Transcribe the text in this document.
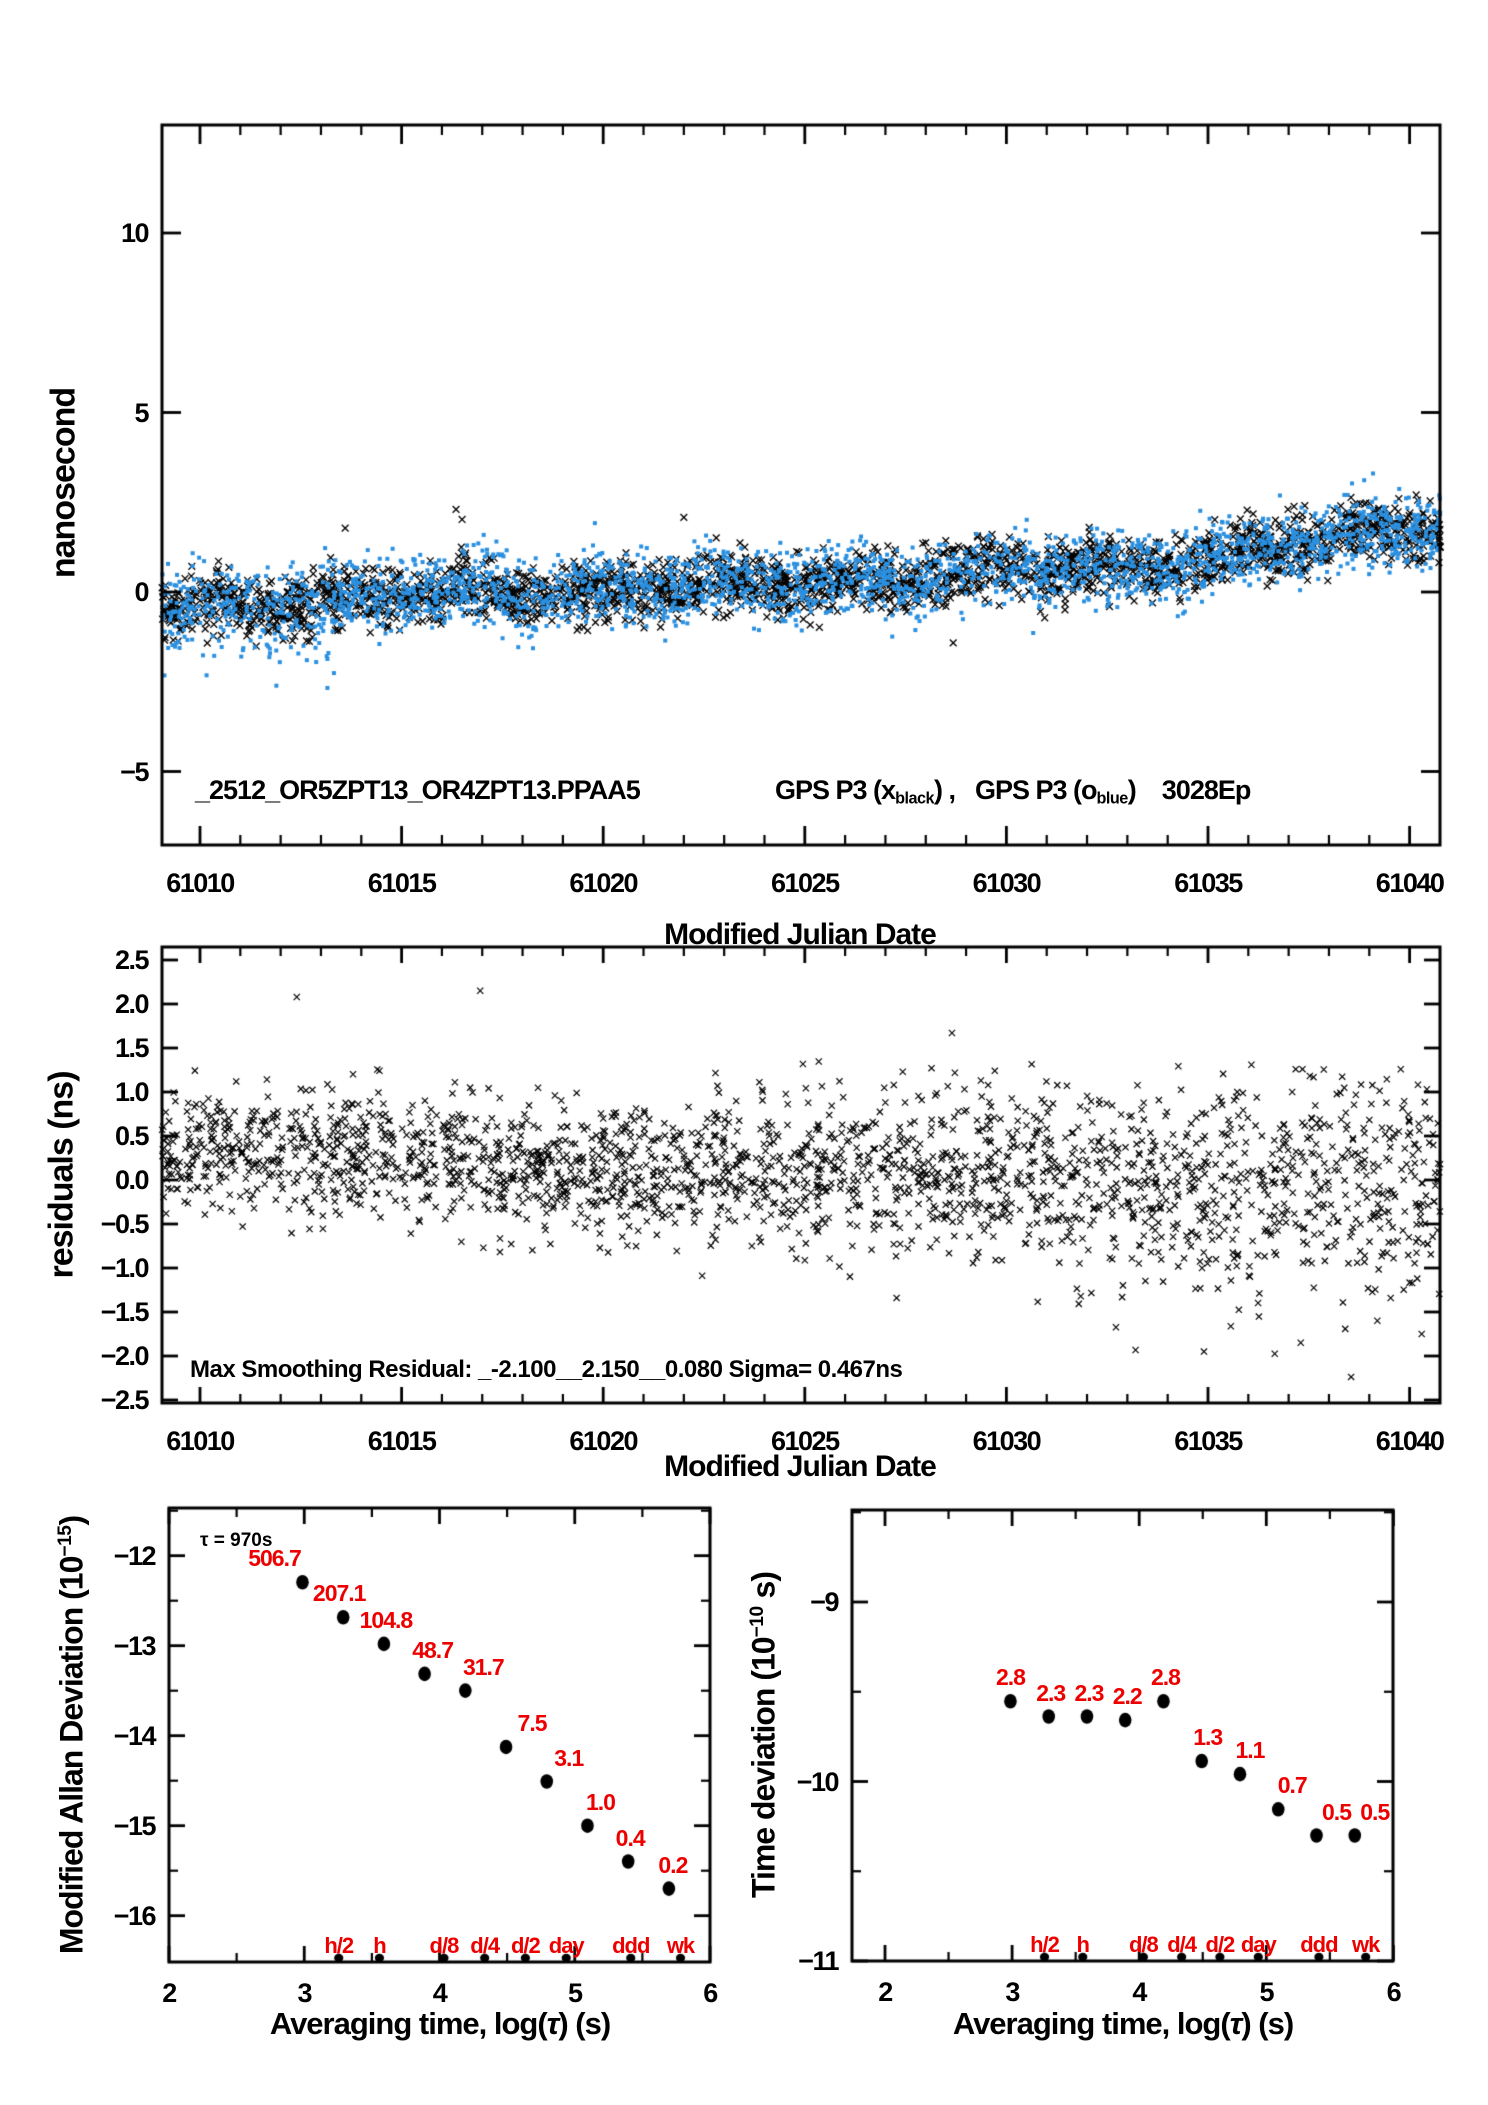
nanosecond
Modified Julian Date
_2512_OR5ZPT13_OR4ZPT13.PPAA5	GPS P3 $(x_{black})$ , GPS P3 $(o_{blue})$ 3028Ep
residuals (ns)
Modified Julian Date
Max Smoothing Residual: _-2.100__2.150__0.080 Sigma= 0.467ns
Modified Allan Deviation $(10^{-15})$
Averaging time, log(τ) (s)
τ = 970s
Time deviation ($10^{-10}$ s)
Averaging time, log(τ) (s)
61010	61015	61020	61025	61030	61035	61040
10
5
0
−5
61010	61015	61020	61025	61030	61035	61040
2.5
2.0
1.5
1.0
0.5
0.0
−0.5
−1.0
−1.5
−2.0
−2.5
506.7
207.1
104.8
48.7
31.7
7.5
3.1
1.0
0.4
0.2
h/2 h d/8 d/4 d/2 day ddd wk
2	3	4	5	6
−12
−13
−14
−15
−16
2.8
2.3 2.3 2.2
2.8
1.3
1.1
0.7
0.5 0.5
h/2 h d/8 d/4 d/2 day ddd wk
2	3	4	5	6
−9
−10
−11
